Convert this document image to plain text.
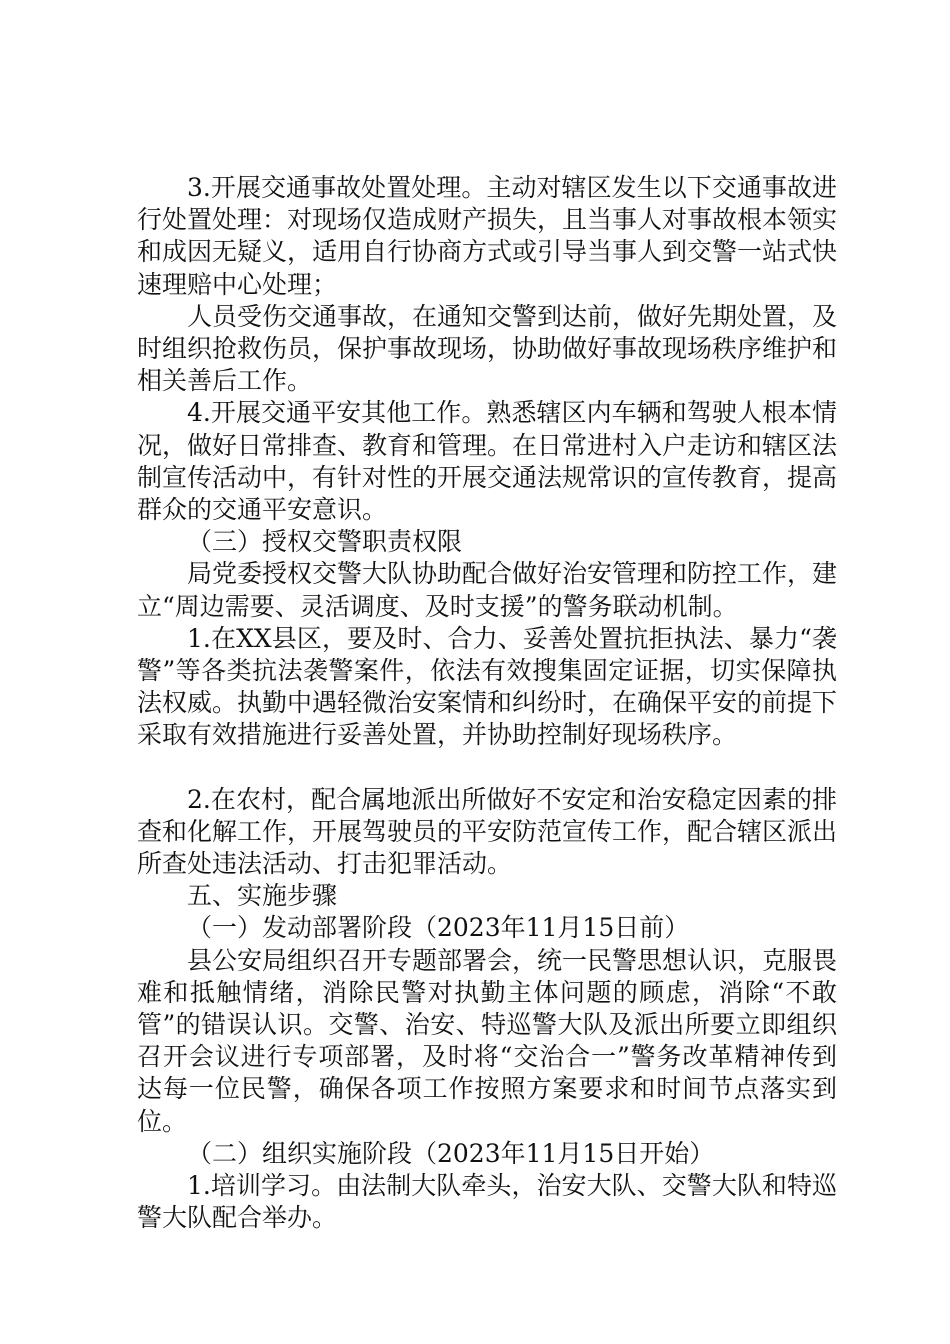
3.开展交通事故处置处理。主动对辖区发生以下交通事故进行处置处理：对现场仅造成财产损失，且当事人对事故根本领实和成因无疑义，适用自行协商方式或引导当事人到交警一站式快速理赔中心处理；

人员受伤交通事故，在通知交警到达前，做好先期处置，及时组织抢救伤员，保护事故现场，协助做好事故现场秩序维护和相关善后工作。

4.开展交通平安其他工作。熟悉辖区内车辆和驾驶人根本情况，做好日常排查、教育和管理。在日常进村入户走访和辖区法制宣传活动中，有针对性的开展交通法规常识的宣传教育，提高群众的交通平安意识。

（三）授权交警职责权限

局党委授权交警大队协助配合做好治安管理和防控工作，建立“周边需要、灵活调度、及时支援”的警务联动机制。

1.在XX县区，要及时、合力、妥善处置抗拒执法、暴力“袭警”等各类抗法袭警案件，依法有效搜集固定证据，切实保障执法权威。执勤中遇轻微治安案情和纠纷时，在确保平安的前提下采取有效措施进行妥善处置，并协助控制好现场秩序。

2.在农村，配合属地派出所做好不安定和治安稳定因素的排查和化解工作，开展驾驶员的平安防范宣传工作，配合辖区派出所查处违法活动、打击犯罪活动。

五、实施步骤

（一）发动部署阶段（2023年11月15日前）

县公安局组织召开专题部署会，统一民警思想认识，克服畏难和抵触情绪，消除民警对执勤主体问题的顾虑，消除“不敢管”的错误认识。交警、治安、特巡警大队及派出所要立即组织召开会议进行专项部署，及时将“交治合一”警务改革精神传到达每一位民警，确保各项工作按照方案要求和时间节点落实到位。

（二）组织实施阶段（2023年11月15日开始）

1.培训学习。由法制大队牵头，治安大队、交警大队和特巡警大队配合举办。
